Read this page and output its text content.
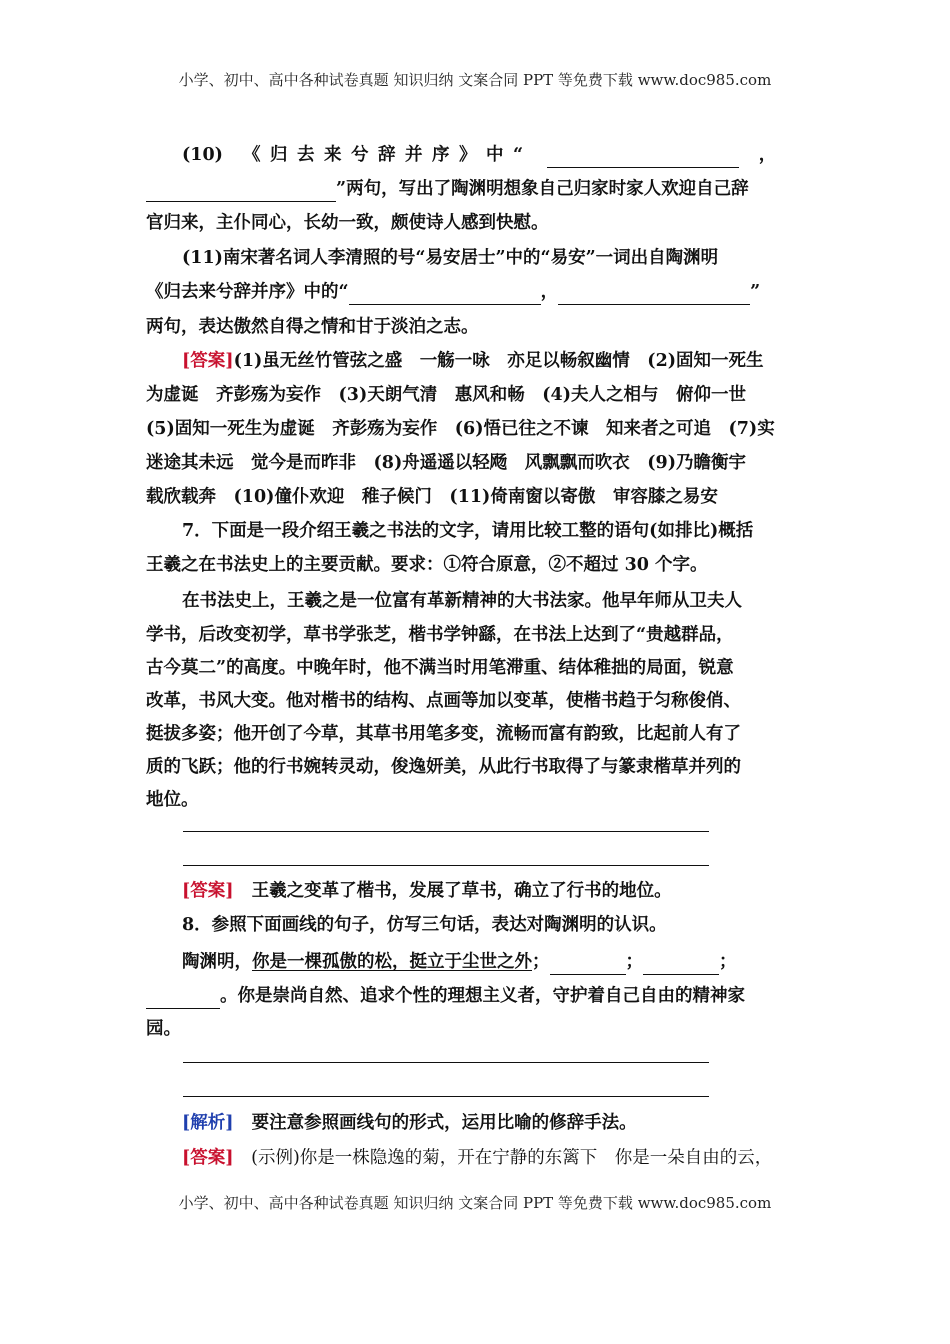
小学、初中、高中各种试卷真题 知识归纳 文案合同 PPT 等免费下载 www.doc985.com
(10) 《归去来兮辞并序》中“	，
”两句，写出了陶渊明想象自己归家时家人欢迎自己辞
官归来，主仆同心，长幼一致，颇使诗人感到快慰。
(11)南宋著名词人李清照的号“易安居士”中的“易安”一词出自陶渊明
《归去来兮辞并序》中的“	，	”
两句，表达傲然自得之情和甘于淡泊之志。
[答案](1)虽无丝竹管弦之盛　一觞一咏　亦足以畅叙幽情　(2)固知一死生
为虚诞　齐彭殇为妄作　(3)天朗气清　惠风和畅　(4)夫人之相与　俯仰一世
(5)固知一死生为虚诞　齐彭殇为妄作　(6)悟已往之不谏　知来者之可追　(7)实
迷途其未远　觉今是而昨非　(8)舟遥遥以轻飏　风飘飘而吹衣　(9)乃瞻衡宇
载欣载奔　(10)僮仆欢迎　稚子候门　(11)倚南窗以寄傲　审容膝之易安
7．下面是一段介绍王羲之书法的文字，请用比较工整的语句(如排比)概括
王羲之在书法史上的主要贡献。要求：①符合原意，②不超过 30 个字。
在书法史上，王羲之是一位富有革新精神的大书法家。他早年师从卫夫人
学书，后改变初学，草书学张芝，楷书学钟繇，在书法上达到了“贵越群品，
古今莫二”的高度。中晚年时，他不满当时用笔滞重、结体稚拙的局面，锐意
改革，书风大变。他对楷书的结构、点画等加以变革，使楷书趋于匀称俊俏、
挺拔多姿；他开创了今草，其草书用笔多变，流畅而富有韵致，比起前人有了
质的飞跃；他的行书婉转灵动，俊逸妍美，从此行书取得了与篆隶楷草并列的
地位。
[答案] 王羲之变革了楷书，发展了草书，确立了行书的地位。
8．参照下面画线的句子，仿写三句话，表达对陶渊明的认识。
陶渊明，你是一棵孤傲的松，挺立于尘世之外；	；	；
。你是崇尚自然、追求个性的理想主义者，守护着自己自由的精神家
园。
[解析] 要注意参照画线句的形式，运用比喻的修辞手法。
[答案] (示例)你是一株隐逸的菊，开在宁静的东篱下　你是一朵自由的云，
小学、初中、高中各种试卷真题 知识归纳 文案合同 PPT 等免费下载 www.doc985.com
